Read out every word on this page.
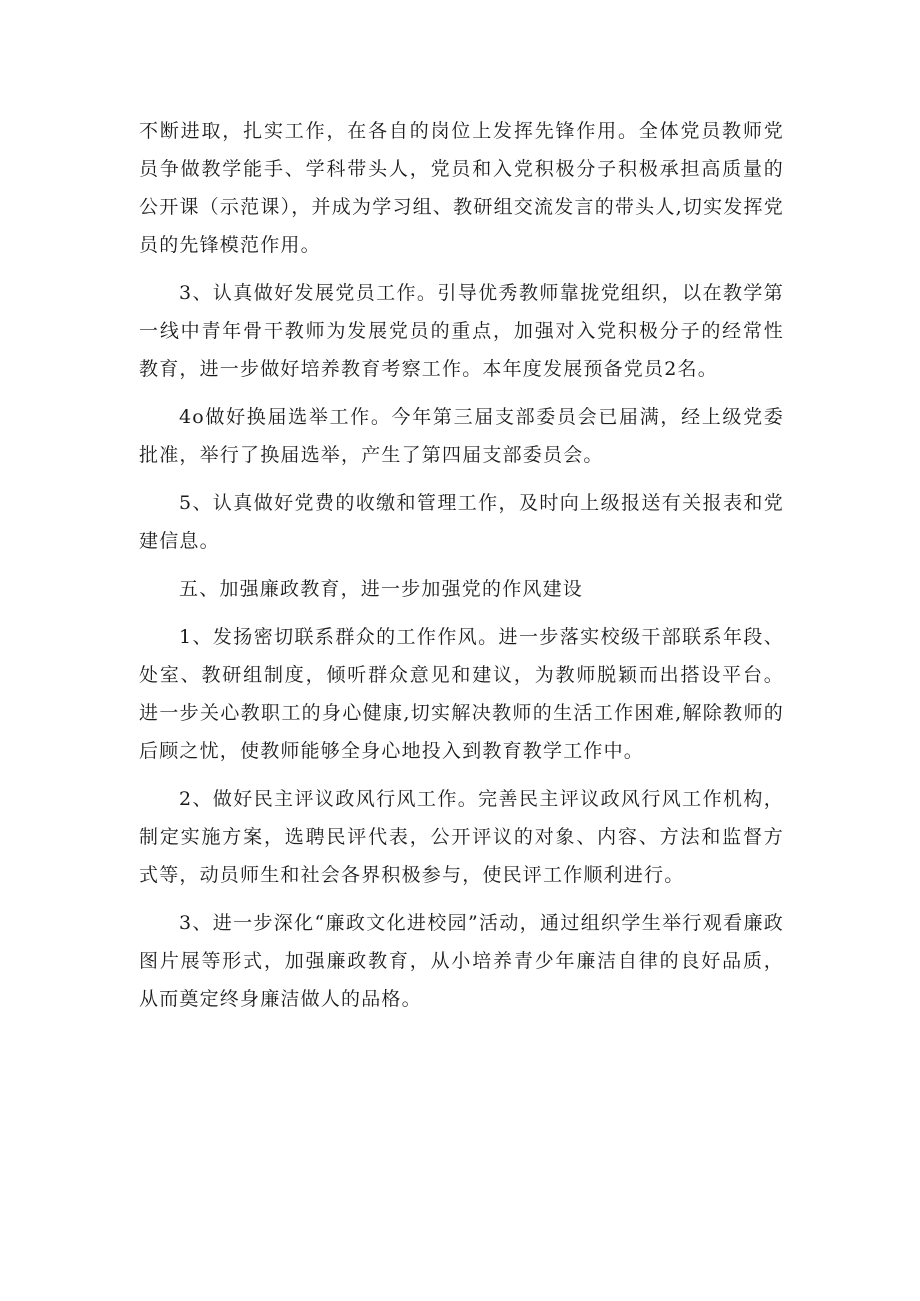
不断进取，扎实工作，在各自的岗位上发挥先锋作用。全体党员教师党员争做教学能手、学科带头人，党员和入党积极分子积极承担高质量的公开课（示范课），并成为学习组、教研组交流发言的带头人,切实发挥党员的先锋模范作用。

3、认真做好发展党员工作。引导优秀教师靠拢党组织，以在教学第一线中青年骨干教师为发展党员的重点，加强对入党积极分子的经常性教育，进一步做好培养教育考察工作。本年度发展预备党员2名。

4o做好换届选举工作。今年第三届支部委员会已届满，经上级党委批准，举行了换届选举，产生了第四届支部委员会。

5、认真做好党费的收缴和管理工作，及时向上级报送有关报表和党建信息。

五、加强廉政教育，进一步加强党的作风建设

1、发扬密切联系群众的工作作风。进一步落实校级干部联系年段、处室、教研组制度，倾听群众意见和建议，为教师脱颖而出搭设平台。进一步关心教职工的身心健康,切实解决教师的生活工作困难,解除教师的后顾之忧，使教师能够全身心地投入到教育教学工作中。

2、做好民主评议政风行风工作。完善民主评议政风行风工作机构，制定实施方案，选聘民评代表，公开评议的对象、内容、方法和监督方式等，动员师生和社会各界积极参与，使民评工作顺利进行。

3、进一步深化“廉政文化进校园”活动，通过组织学生举行观看廉政图片展等形式，加强廉政教育，从小培养青少年廉洁自律的良好品质，从而奠定终身廉洁做人的品格。
